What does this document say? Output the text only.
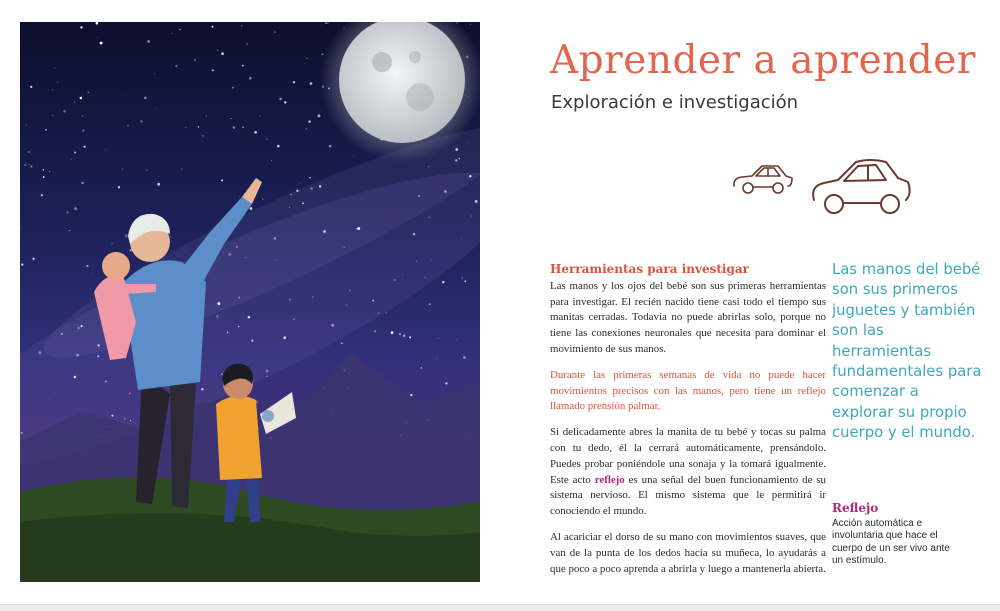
Aprender a aprender
Exploración e investigación
Herramientas para investigar

Las manos y los ojos del bebé son sus primeras herramientas para investigar. El recién nacido tiene casi todo el tiempo sus manitas cerradas. Todavía no puede abrirlas solo, porque no tiene las conexiones neuronales que necesita para dominar el movimiento de sus manos.

Durante las primeras semanas de vida no puede hacer movimientos precisos con las manos, pero tiene un reflejo llamado prensión palmar.

Si delicadamente abres la manita de tu bebé y tocas su palma con tu dedo, él la cerrará automáticamente, prensándolo. Puedes probar poniéndole una sonaja y la tomará igualmente. Este acto reflejo es una señal del buen funcionamiento de su sistema nervioso. El mismo sistema que le permitirá ir conociendo el mundo.

Al acariciar el dorso de su mano con movimientos suaves, que van de la punta de los dedos hacia su muñeca, lo ayudarás a que poco a poco aprenda a abrirla y luego a mantenerla abierta.

Las manos del bebé son sus primeros juguetes y también son las herramientas fundamentales para comenzar a explorar su propio cuerpo y el mundo.

Reflejo

Acción automática e involuntaria que hace el cuerpo de un ser vivo ante un estímulo.
